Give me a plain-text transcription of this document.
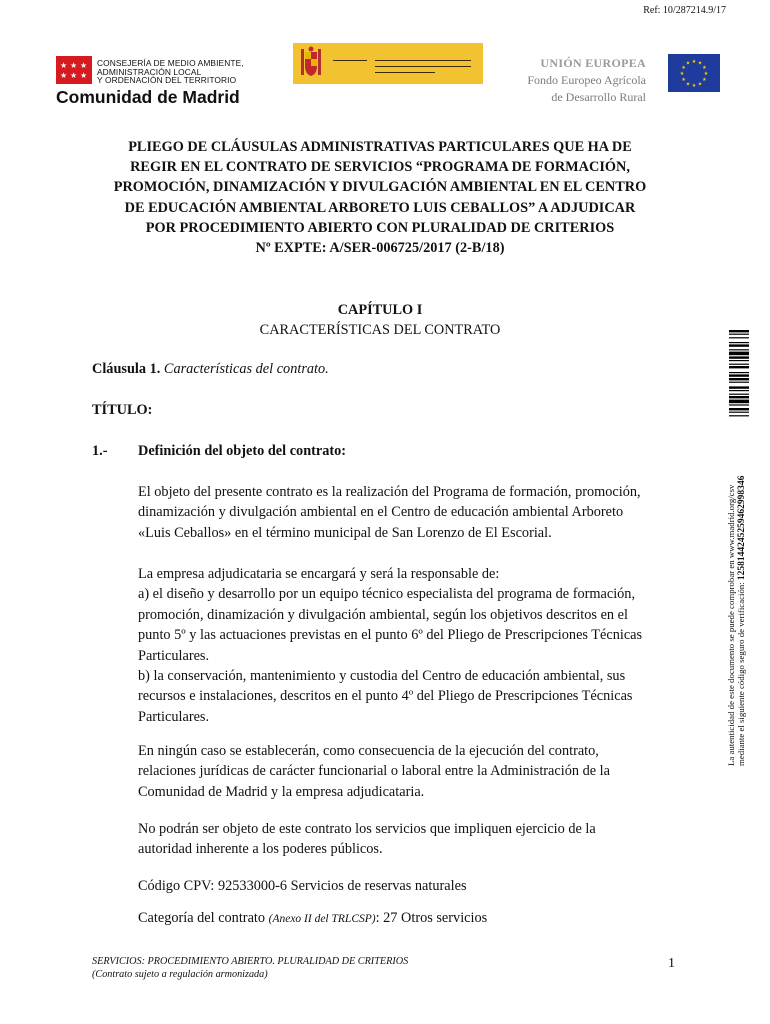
Ref: 10/287214.9/17
★ ★ ★
★ ★ ★
CONSEJERÍA DE MEDIO AMBIENTE,
ADMINISTRACIÓN LOCAL
Y ORDENACIÓN DEL TERRITORIO
Comunidad de Madrid
UNIÓN EUROPEA
Fondo Europeo Agrícola
de Desarrollo Rural
★ ★
★
★
★
★
★
★
★
★
★
★
PLIEGO DE CLÁUSULAS ADMINISTRATIVAS PARTICULARES QUE HA DE
REGIR EN EL CONTRATO DE SERVICIOS “PROGRAMA DE FORMACIÓN,
PROMOCIÓN, DINAMIZACIÓN Y DIVULGACIÓN AMBIENTAL EN EL CENTRO
DE EDUCACIÓN AMBIENTAL ARBORETO LUIS CEBALLOS” A ADJUDICAR
POR PROCEDIMIENTO ABIERTO CON PLURALIDAD DE CRITERIOS
Nº EXPTE: A/SER-006725/2017 (2-B/18)
CAPÍTULO I
CARACTERÍSTICAS DEL CONTRATO
Cláusula 1. Características del contrato.
TÍTULO:
1.- Definición del objeto del contrato:
El objeto del presente contrato es la realización del Programa de formación, promoción,
dinamización y divulgación ambiental en el Centro de educación ambiental Arboreto
«Luis Ceballos» en el término municipal de San Lorenzo de El Escorial.
La empresa adjudicataria se encargará y será la responsable de:
a) el diseño y desarrollo por un equipo técnico especialista del programa de formación,
promoción, dinamización y divulgación ambiental, según los objetivos descritos en el
punto 5º y las actuaciones previstas en el punto 6º del Pliego de Prescripciones Técnicas
Particulares.
b) la conservación, mantenimiento y custodia del Centro de educación ambiental, sus
recursos e instalaciones, descritos en el punto 4º del Pliego de Prescripciones Técnicas
Particulares.
En ningún caso se establecerán, como consecuencia de la ejecución del contrato,
relaciones jurídicas de carácter funcionarial o laboral entre la Administración de la
Comunidad de Madrid y la empresa adjudicataria.
No podrán ser objeto de este contrato los servicios que impliquen ejercicio de la
autoridad inherente a los poderes públicos.
Código CPV: 92533000-6 Servicios de reservas naturales
Categoría del contrato (Anexo II del TRLCSP): 27 Otros servicios
SERVICIOS: PROCEDIMIENTO ABIERTO. PLURALIDAD DE CRITERIOS
(Contrato sujeto a regulación armonizada)
1
La autenticidad de este documento se puede comprobar en www.madrid.org/csv mediante el siguiente código seguro de verificación: 1258144245259462998346
